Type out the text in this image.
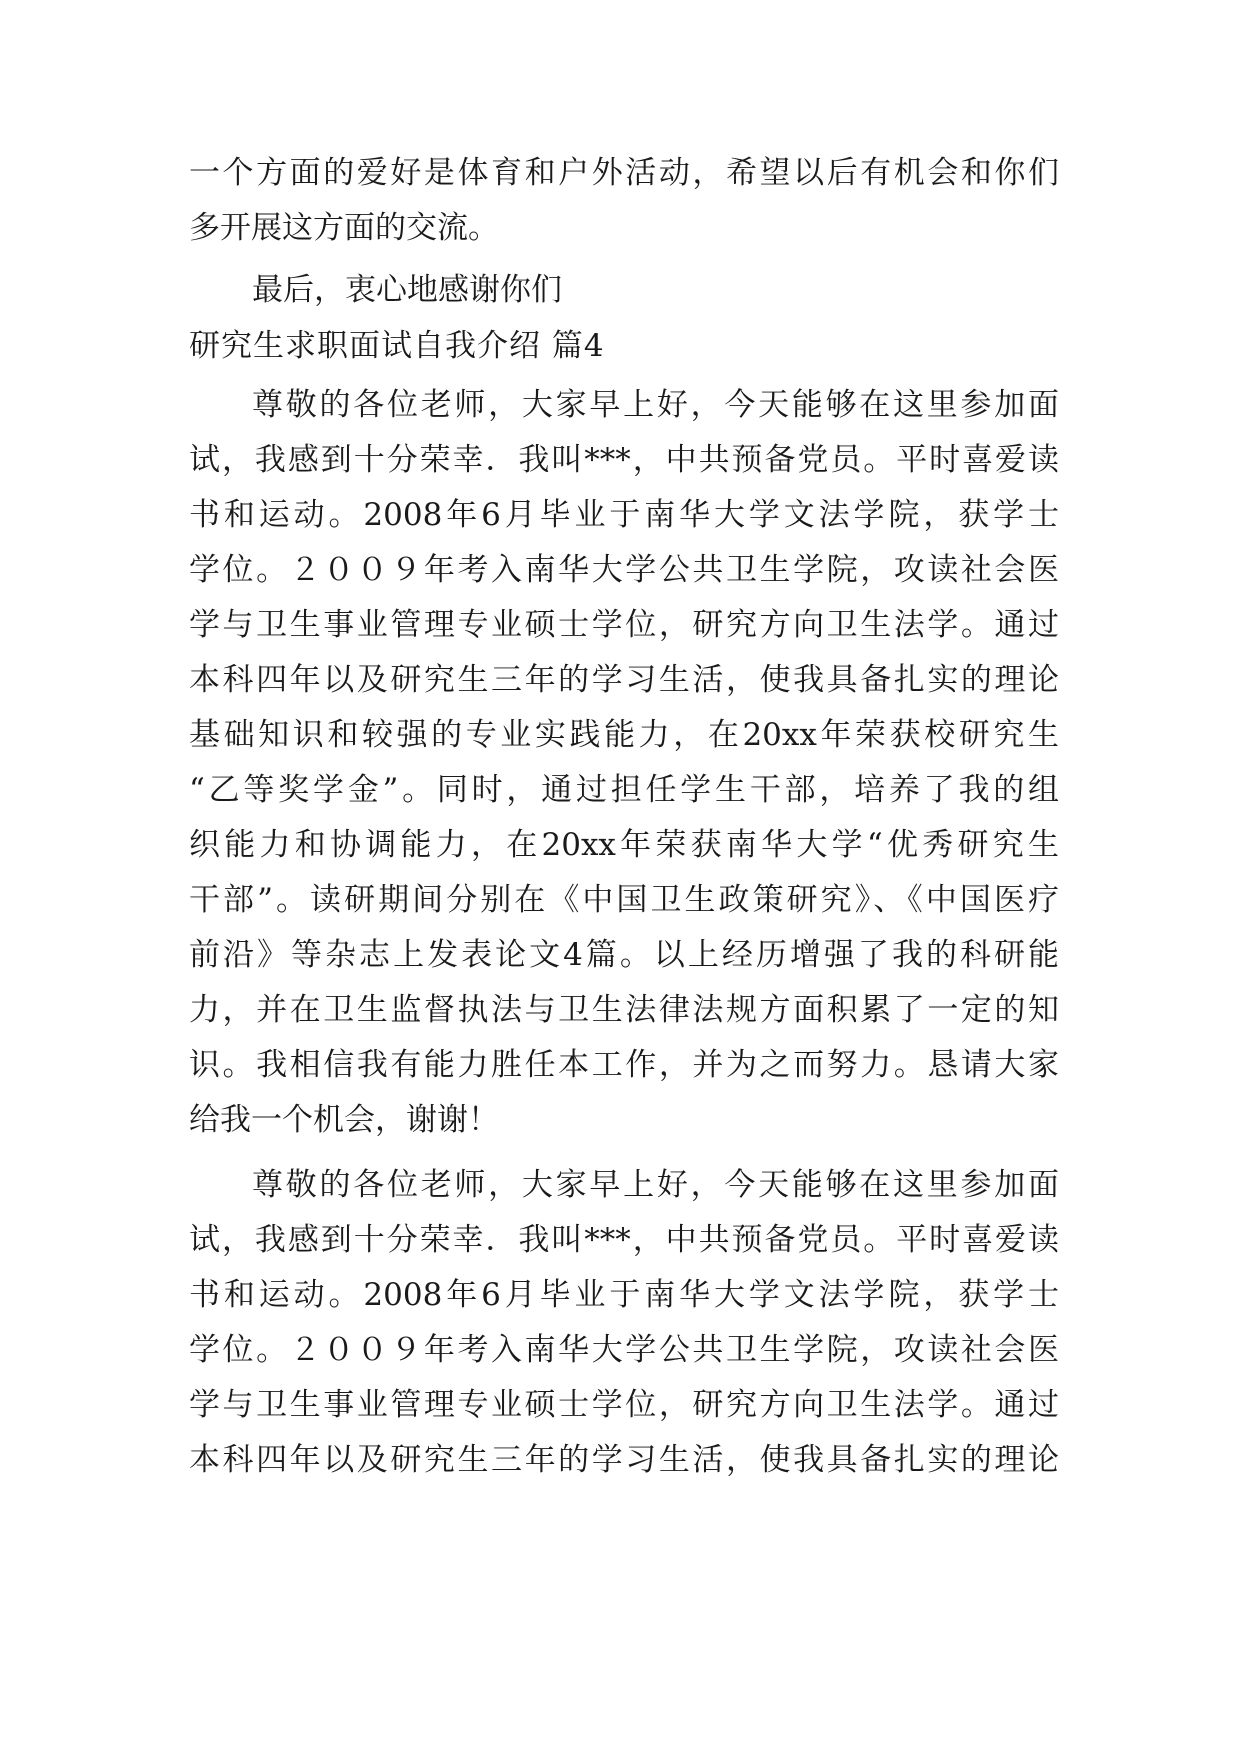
一个方面的爱好是体育和户外活动，希望以后有机会和你们
多开展这方面的交流。
最后，衷心地感谢你们
研究生求职面试自我介绍 篇4
尊敬的各位老师，大家早上好，今天能够在这里参加面
试，我感到十分荣幸．我叫***，中共预备党员。平时喜爱读
书和运动。2008年6月毕业于南华大学文法学院，获学士
学位。２００９年考入南华大学公共卫生学院，攻读社会医
学与卫生事业管理专业硕士学位，研究方向卫生法学。通过
本科四年以及研究生三年的学习生活，使我具备扎实的理论
基础知识和较强的专业实践能力，在20xx年荣获校研究生
“乙等奖学金”。同时，通过担任学生干部，培养了我的组
织能力和协调能力，在20xx年荣获南华大学“优秀研究生
干部”。读研期间分别在《中国卫生政策研究》、《中国医疗
前沿》等杂志上发表论文4篇。以上经历增强了我的科研能
力，并在卫生监督执法与卫生法律法规方面积累了一定的知
识。我相信我有能力胜任本工作，并为之而努力。恳请大家
给我一个机会，谢谢！
尊敬的各位老师，大家早上好，今天能够在这里参加面
试，我感到十分荣幸．我叫***，中共预备党员。平时喜爱读
书和运动。2008年6月毕业于南华大学文法学院，获学士
学位。２００９年考入南华大学公共卫生学院，攻读社会医
学与卫生事业管理专业硕士学位，研究方向卫生法学。通过
本科四年以及研究生三年的学习生活，使我具备扎实的理论
